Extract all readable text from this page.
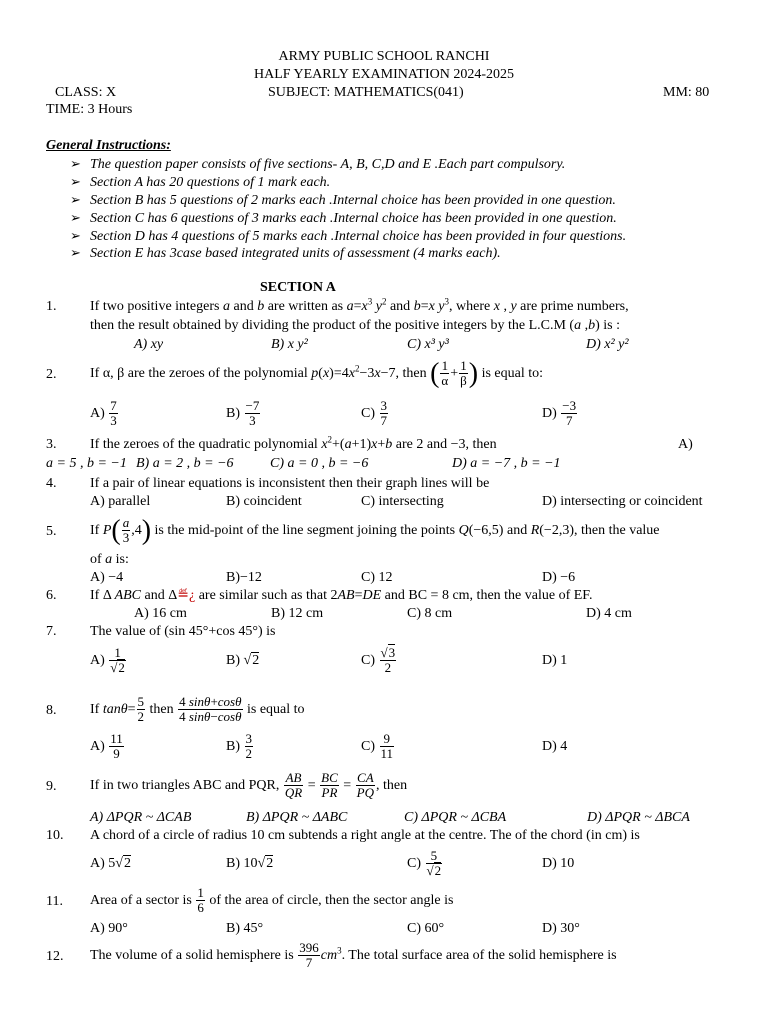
ARMY PUBLIC SCHOOL RANCHI
HALF YEARLY EXAMINATION 2024-2025
CLASS: X	SUBJECT: MATHEMATICS(041)	MM: 80
TIME: 3 Hours
General Instructions:
➢ The question paper consists of five sections- A, B, C,D and E .Each part compulsory.
➢ Section A has 20 questions of 1 mark each.
➢ Section B has 5 questions of 2 marks each .Internal choice has been provided in one question.
➢ Section C has 6 questions of 3 marks each .Internal choice has been provided in one question.
➢ Section D has 4 questions of 5 marks each .Internal choice has been provided in four questions.
➢ Section E has 3case based integrated units of assessment (4 marks each).
SECTION A
1. If two positive integers a and b are written as $a=x^3$ $y^2$ and b=x $y^3$, where x , y are prime numbers,
then the result obtained by dividing the product of the positive integers by the L.C.M (a ,b) is :
A) xy	B) x y²	C) x³ y³	D) x² y²
2. If α, β are the zeroes of the polynomial $p(x)=4x^2-3x-7$, then ( $\frac{1}{\alpha} + \frac{1}{\beta}$ ) is equal to:
$A) \frac{7}{3}$	$B) \frac{-7}{3}$	$C) \frac{3}{7}$	$D) \frac{-3}{7}$
3. If the zeroes of the quadratic polynomial $x^2+(a+1)x+b$ are 2 and −3, then	A)
a = 5 , b = −1 B) a = 2 , b = −6	C) a = 0 , b = −6	D) a = −7 , b = −1
4. If a pair of linear equations is inconsistent then their graph lines will be
A) parallel	B) coincident	C) intersecting	D) intersecting or coincident
5. If $P( \frac{a}{3} ,4)$ is the mid-point of the line segment joining the points Q(−6,5) and R(−2,3), then the value
of a is:
A) −4	B)−12	C) 12	D) −6
6. If Δ ABC and Δ≝¿ are similar such as that 2AB=DE and BC = 8 cm, then the value of EF.
A) 16 cm	B) 12 cm	C) 8 cm	D) 4 cm
7. The value of (sin 45°+cos 45°) is
$A) \frac{1}{√2}$	B) √2	$C) \frac{√3}{2}$	D) 1
8. If $\tan\theta= \frac{5}{2}$ then $\frac{4 \sin\theta+\cos\theta}{4 \sin\theta-\cos\theta}$ is equal to
$A) \frac{11}{9}$	$B) \frac{3}{2}$	$C) \frac{9}{11}$	D) 4
9. If in two triangles ABC and PQR, $\frac{AB}{QR} = \frac{BC}{PR} = \frac{CA}{PQ}$ , then
A) ΔPQR ~ ΔCAB	B) ΔPQR ~ ΔABC	C) ΔPQR ~ ΔCBA	D) ΔPQR ~ ΔBCA
10. A chord of a circle of radius 10 cm subtends a right angle at the centre. The of the chord (in cm) is
A) 5√2	B) 10√2	$C) \frac{5}{√2}$	D) 10
11. Area of a sector is $\frac{1}{6}$ of the area of circle, then the sector angle is
A) 90°	B) 45°	C) 60°	D) 30°
12. The volume of a solid hemisphere is $\frac{396}{7} cm^3$. The total surface area of the solid hemisphere is
